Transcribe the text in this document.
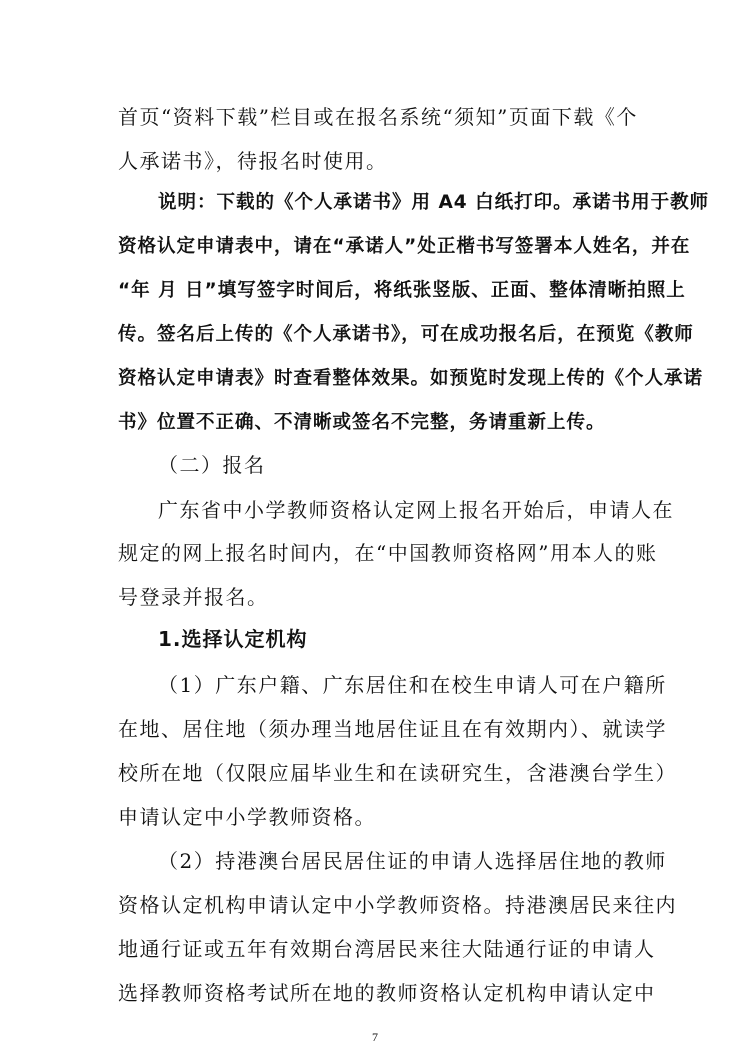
首页“资料下载”栏目或在报名系统“须知”页面下载《个
人承诺书》，待报名时使用。
说明：下载的《个人承诺书》用 A4 白纸打印。承诺书用于教师
资格认定申请表中，请在“承诺人”处正楷书写签署本人姓名，并在
“年 月 日”填写签字时间后，将纸张竖版、正面、整体清晰拍照上
传。签名后上传的《个人承诺书》，可在成功报名后，在预览《教师
资格认定申请表》时查看整体效果。如预览时发现上传的《个人承诺
书》位置不正确、不清晰或签名不完整，务请重新上传。
（二）报名
广东省中小学教师资格认定网上报名开始后，申请人在
规定的网上报名时间内，在“中国教师资格网”用本人的账
号登录并报名。
1.选择认定机构
（1）广东户籍、广东居住和在校生申请人可在户籍所
在地、居住地（须办理当地居住证且在有效期内）、就读学
校所在地（仅限应届毕业生和在读研究生，含港澳台学生）
申请认定中小学教师资格。
（2）持港澳台居民居住证的申请人选择居住地的教师
资格认定机构申请认定中小学教师资格。持港澳居民来往内
地通行证或五年有效期台湾居民来往大陆通行证的申请人
选择教师资格考试所在地的教师资格认定机构申请认定中
7
